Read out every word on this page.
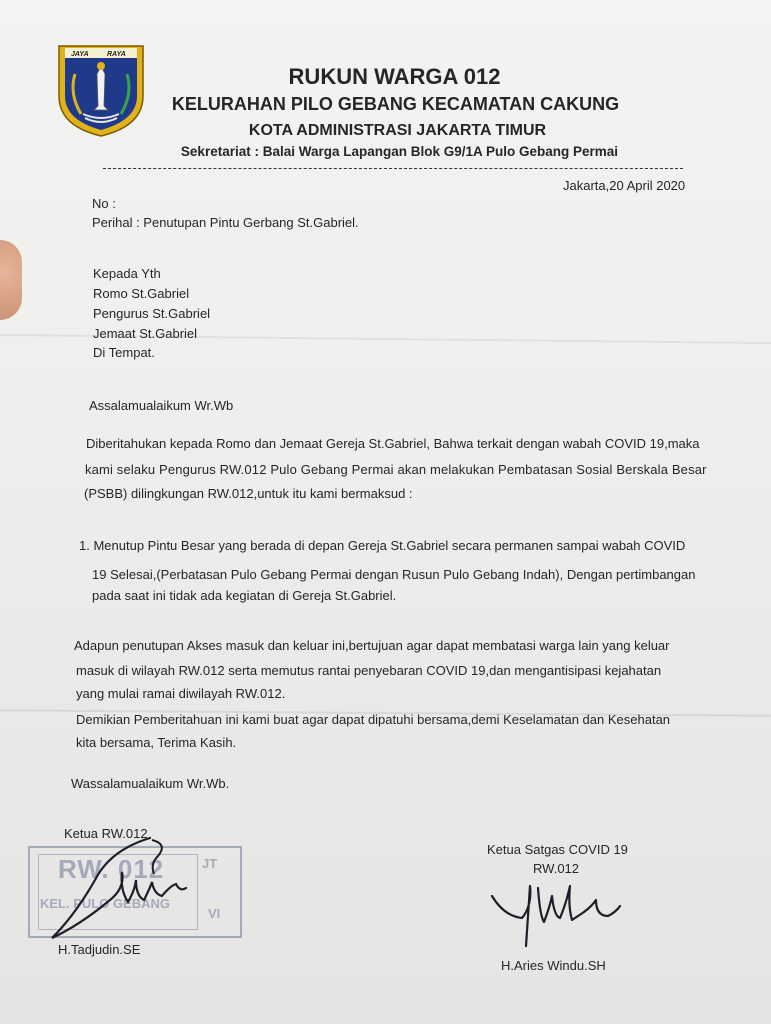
JAYA	RAYA
RUKUN WARGA 012
KELURAHAN PILO GEBANG KECAMATAN CAKUNG
KOTA ADMINISTRASI JAKARTA TIMUR
Sekretariat : Balai Warga Lapangan Blok G9/1A Pulo Gebang Permai
Jakarta,20 April 2020
No :
Perihal : Penutupan Pintu Gerbang St.Gabriel.
Kepada Yth
Romo St.Gabriel
Pengurus St.Gabriel
Jemaat St.Gabriel
Di Tempat.
Assalamualaikum Wr.Wb
Diberitahukan kepada Romo dan Jemaat Gereja St.Gabriel, Bahwa terkait dengan wabah COVID 19,maka
kami selaku Pengurus RW.012 Pulo Gebang Permai akan melakukan Pembatasan Sosial Berskala Besar
(PSBB) dilingkungan RW.012,untuk itu kami bermaksud :
1. Menutup Pintu Besar yang berada di depan Gereja St.Gabriel secara permanen sampai wabah COVID
19 Selesai,(Perbatasan Pulo Gebang Permai dengan Rusun Pulo Gebang Indah), Dengan pertimbangan
pada saat ini tidak ada kegiatan di Gereja St.Gabriel.
Adapun penutupan Akses masuk dan keluar ini,bertujuan agar dapat membatasi warga lain yang keluar
masuk di wilayah RW.012 serta memutus rantai penyebaran COVID 19,dan mengantisipasi kejahatan
yang mulai ramai diwilayah RW.012.
Demikian Pemberitahuan ini kami buat agar dapat dipatuhi bersama,demi Keselamatan dan Kesehatan
kita bersama, Terima Kasih.
Wassalamualaikum Wr.Wb.
Ketua RW.012
RW. 012
KEL. PULO GEBANG
JT
VI
H.Tadjudin.SE
Ketua Satgas COVID 19
RW.012
H.Aries Windu.SH
